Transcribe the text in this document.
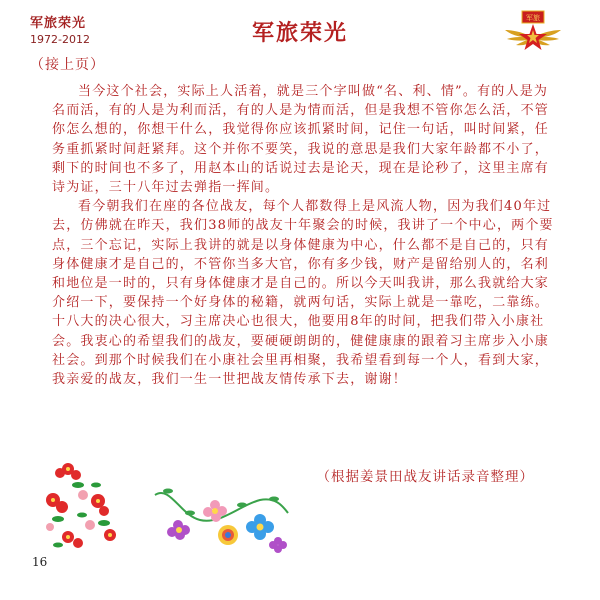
军旅荣光
1972-2012	军旅荣光
军旅
（接上页）

当今这个社会，实际上人活着，就是三个字叫做“名、利、情”。有的人是为名而活，有的人是为利而活，有的人是为情而活，但是我想不管你怎么活，不管你怎么想的，你想干什么，我觉得你应该抓紧时间，记住一句话，叫时间紧，任务重抓紧时间赶紧拜。这个并你不要笑，我说的意思是我们大家年龄都不小了，剩下的时间也不多了，用赵本山的话说过去是论天，现在是论秒了，这里主席有诗为证，三十八年过去弹指一挥间。

看今朝我们在座的各位战友，每个人都数得上是风流人物，因为我们40年过去，仿佛就在昨天，我们38师的战友十年聚会的时候，我讲了一个中心，两个要点，三个忘记，实际上我讲的就是以身体健康为中心，什么都不是自己的，只有身体健康才是自己的，不管你当多大官，你有多少钱，财产是留给别人的，名利和地位是一时的，只有身体健康才是自己的。所以今天叫我讲，那么我就给大家介绍一下，要保持一个好身体的秘籍，就两句话，实际上就是一靠吃，二靠练。十八大的决心很大，习主席决心也很大，他要用8年的时间，把我们带入小康社会。我衷心的希望我们的战友，要硬硬朗朗的，健健康康的跟着习主席步入小康社会。到那个时候我们在小康社会里再相聚，我希望看到每一个人，看到大家，我亲爱的战友，我们一生一世把战友情传承下去，谢谢！

（根据姜景田战友讲话录音整理）
16
